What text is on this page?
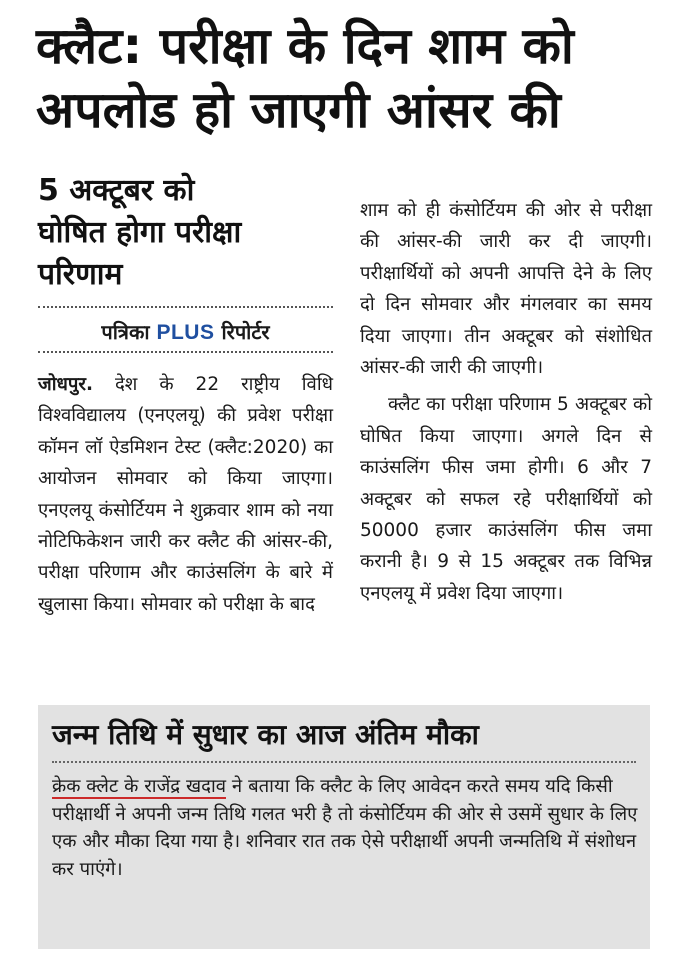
क्लैट: परीक्षा के दिन शाम को
अपलोड हो जाएगी आंसर की
5 अक्टूबर को
घोषित होगा परीक्षा
परिणाम
पत्रिका PLUS रिपोर्टर
जोधपुर. देश के 22 राष्ट्रीय विधि विश्वविद्यालय (एनएलयू) की प्रवेश परीक्षा कॉमन लॉ ऐडमिशन टेस्ट (क्लैट:2020) का आयोजन सोमवार को किया जाएगा। एनएलयू कंसोर्टियम ने शुक्रवार शाम को नया नोटिफिकेशन जारी कर क्लैट की आंसर-की, परीक्षा परिणाम और काउंसलिंग के बारे में खुलासा किया। सोमवार को परीक्षा के बाद

शाम को ही कंसोर्टियम की ओर से परीक्षा की आंसर-की जारी कर दी जाएगी। परीक्षार्थियों को अपनी आपत्ति देने के लिए दो दिन सोमवार और मंगलवार का समय दिया जाएगा। तीन अक्टूबर को संशोधित आंसर-की जारी की जाएगी।

क्लैट का परीक्षा परिणाम 5 अक्टूबर को घोषित किया जाएगा। अगले दिन से काउंसलिंग फीस जमा होगी। 6 और 7 अक्टूबर को सफल रहे परीक्षार्थियों को 50000 हजार काउंसलिंग फीस जमा करानी है। 9 से 15 अक्टूबर तक विभिन्न एनएलयू में प्रवेश दिया जाएगा।

जन्म तिथि में सुधार का आज अंतिम मौका
क्रेक क्लेट के राजेंद्र खदाव ने बताया कि क्लैट के लिए आवेदन करते समय यदि किसी परीक्षार्थी ने अपनी जन्म तिथि गलत भरी है तो कंसोर्टियम की ओर से उसमें सुधार के लिए एक और मौका दिया गया है। शनिवार रात तक ऐसे परीक्षार्थी अपनी जन्मतिथि में संशोधन कर पाएंगे।
